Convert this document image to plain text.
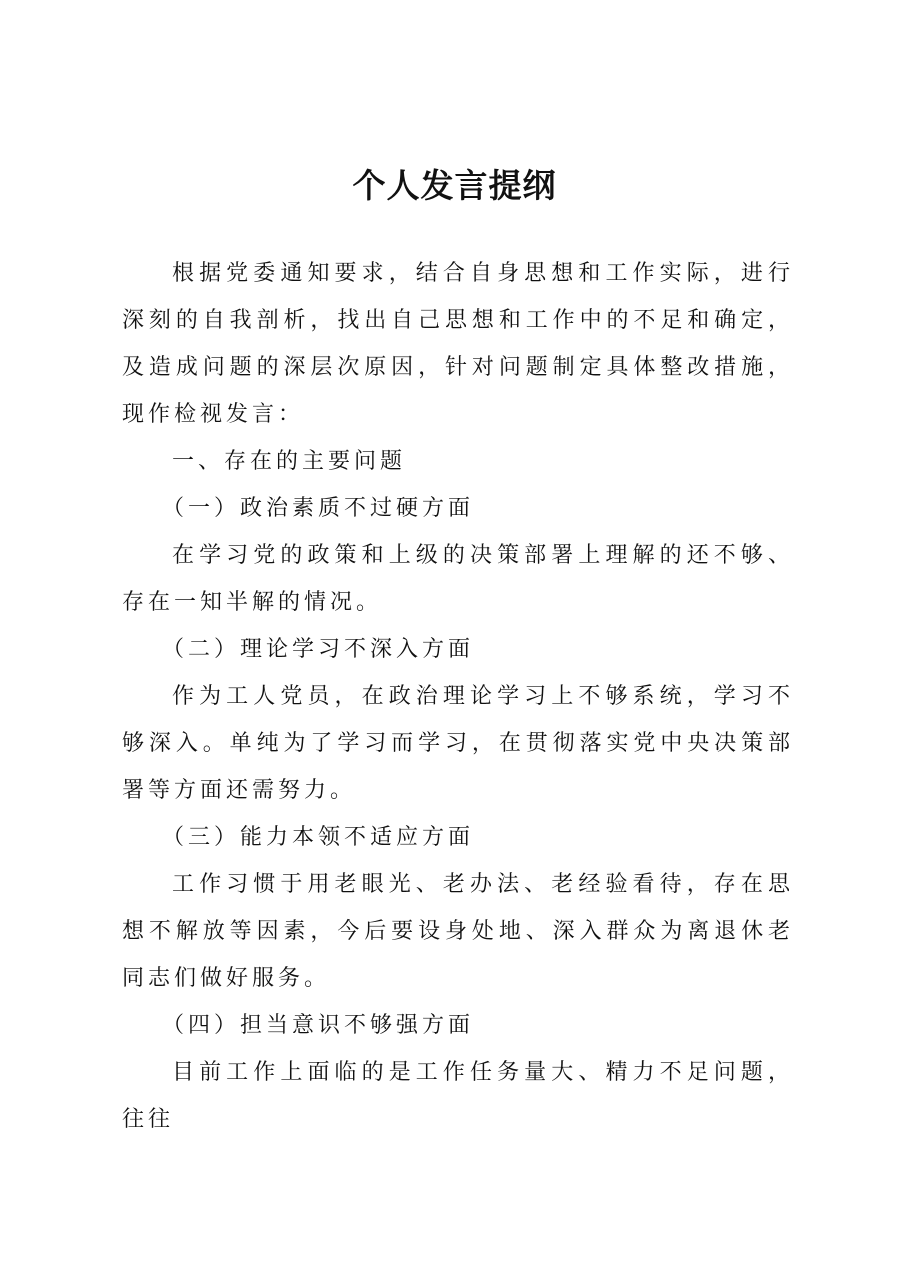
个人发言提纲

根据党委通知要求，结合自身思想和工作实际，进行深刻的自我剖析，找出自己思想和工作中的不足和确定，及造成问题的深层次原因，针对问题制定具体整改措施，现作检视发言：

一、存在的主要问题

（一）政治素质不过硬方面

在学习党的政策和上级的决策部署上理解的还不够、存在一知半解的情况。

（二）理论学习不深入方面

作为工人党员，在政治理论学习上不够系统，学习不够深入。单纯为了学习而学习，在贯彻落实党中央决策部署等方面还需努力。

（三）能力本领不适应方面

工作习惯于用老眼光、老办法、老经验看待，存在思想不解放等因素，今后要设身处地、深入群众为离退休老同志们做好服务。

（四）担当意识不够强方面

目前工作上面临的是工作任务量大、精力不足问题，往往
